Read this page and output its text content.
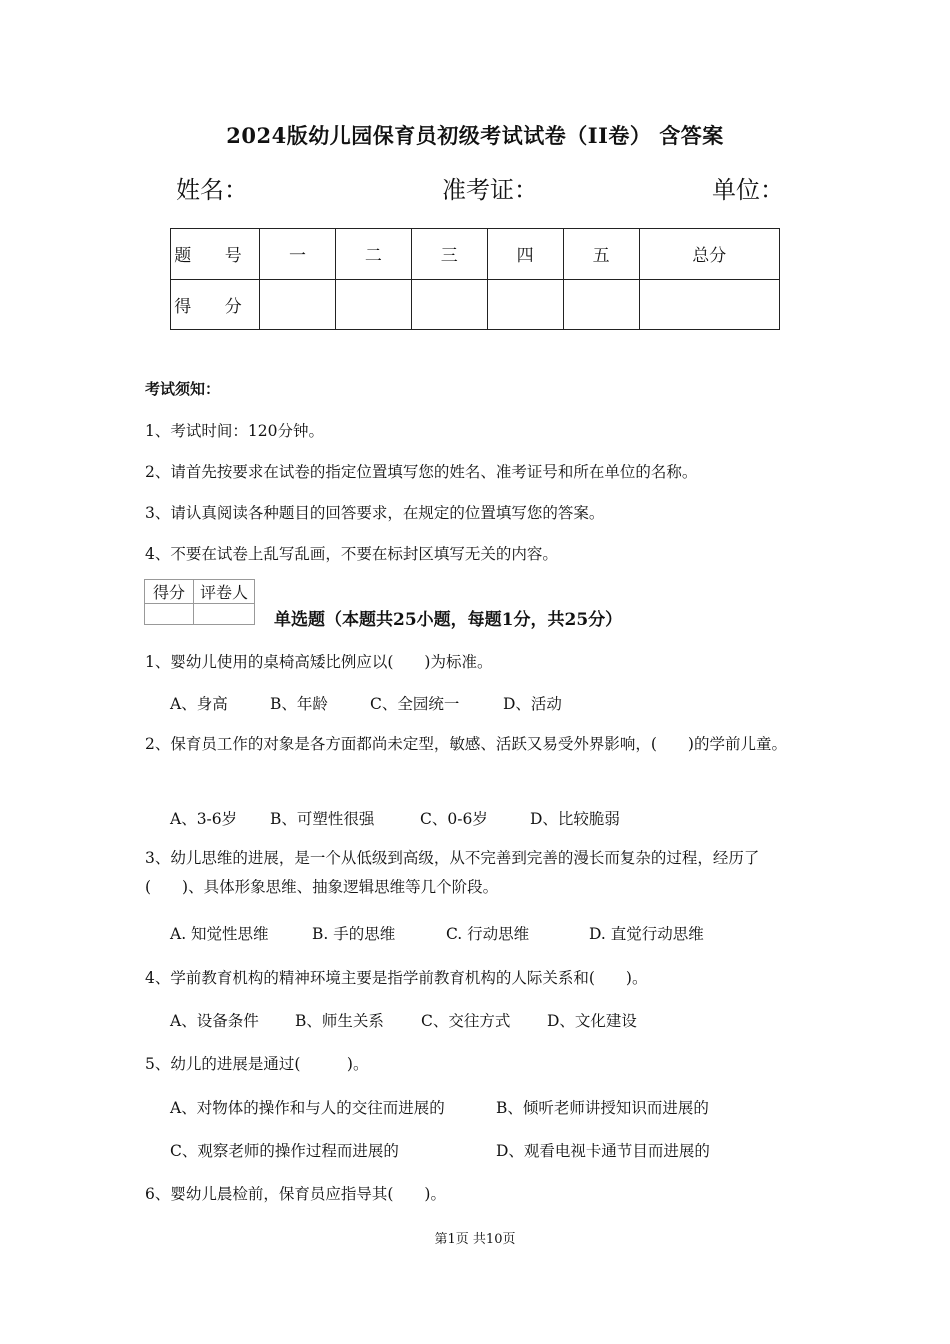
2024版幼儿园保育员初级考试试卷（II卷） 含答案
姓名：	准考证：	单位：
题 号	一	二	三	四	五	总分
得 分						
考试须知：
1、考试时间：120分钟。
2、请首先按要求在试卷的指定位置填写您的姓名、准考证号和所在单位的名称。
3、请认真阅读各种题目的回答要求，在规定的位置填写您的答案。
4、不要在试卷上乱写乱画，不要在标封区填写无关的内容。
得分	评卷人

单选题（本题共25小题，每题1分，共25分）
1、婴幼儿使用的桌椅高矮比例应以(　　)为标准。
A、身高	B、年龄	C、全园统一	D、活动
2、保育员工作的对象是各方面都尚未定型，敏感、活跃又易受外界影响，(　　)的学前儿童。
A、3-6岁 B、可塑性很强	C、0-6岁	D、比较脆弱
3、幼儿思维的进展，是一个从低级到高级，从不完善到完善的漫长而复杂的过程，经历了(　　)、具体形象思维、抽象逻辑思维等几个阶段。
A. 知觉性思维	B. 手的思维	C. 行动思维	D. 直觉行动思维
4、学前教育机构的精神环境主要是指学前教育机构的人际关系和(　　)。
A、设备条件 B、师生关系 C、交往方式 D、文化建设
5、幼儿的进展是通过(　　　)。
A、对物体的操作和与人的交往而进展的	B、倾听老师讲授知识而进展的
C、观察老师的操作过程而进展的	D、观看电视卡通节目而进展的
6、婴幼儿晨检前，保育员应指导其(　　)。
第1页 共10页
